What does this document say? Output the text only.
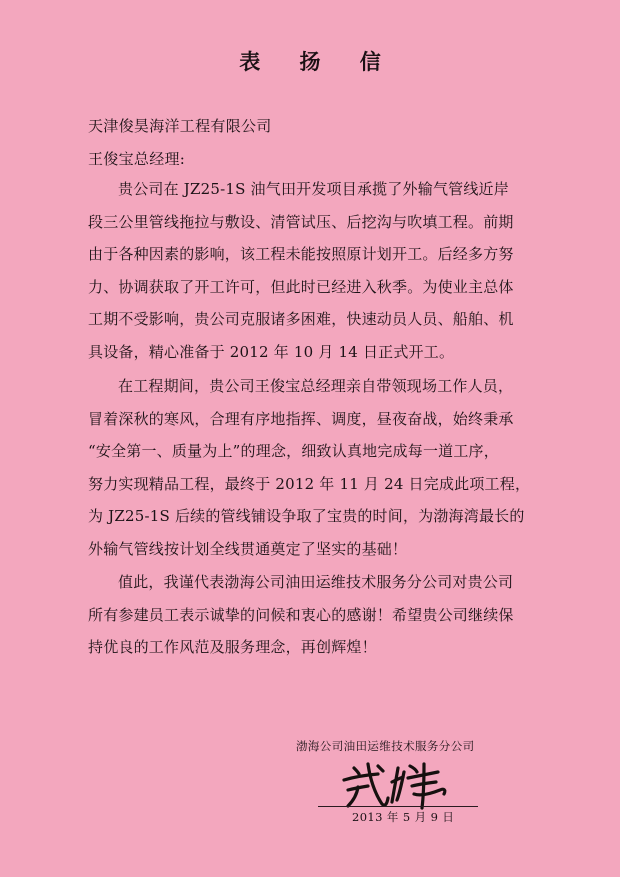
表 扬 信
天津俊昊海洋工程有限公司
王俊宝总经理:
贵公司在 JZ25-1S 油气田开发项目承揽了外输气管线近岸
段三公里管线拖拉与敷设、清管试压、后挖沟与吹填工程。前期
由于各种因素的影响，该工程未能按照原计划开工。后经多方努
力、协调获取了开工许可，但此时已经进入秋季。为使业主总体
工期不受影响，贵公司克服诸多困难，快速动员人员、船舶、机
具设备，精心准备于 2012 年 10 月 14 日正式开工。
在工程期间，贵公司王俊宝总经理亲自带领现场工作人员，
冒着深秋的寒风，合理有序地指挥、调度，昼夜奋战，始终秉承
“安全第一、质量为上”的理念，细致认真地完成每一道工序，
努力实现精品工程，最终于 2012 年 11 月 24 日完成此项工程，
为 JZ25-1S 后续的管线铺设争取了宝贵的时间，为渤海湾最长的
外输气管线按计划全线贯通奠定了坚实的基础！
值此，我谨代表渤海公司油田运维技术服务分公司对贵公司
所有参建员工表示诚挚的问候和衷心的感谢！希望贵公司继续保
持优良的工作风范及服务理念，再创辉煌！
渤海公司油田运维技术服务分公司
2013 年 5 月 9 日
